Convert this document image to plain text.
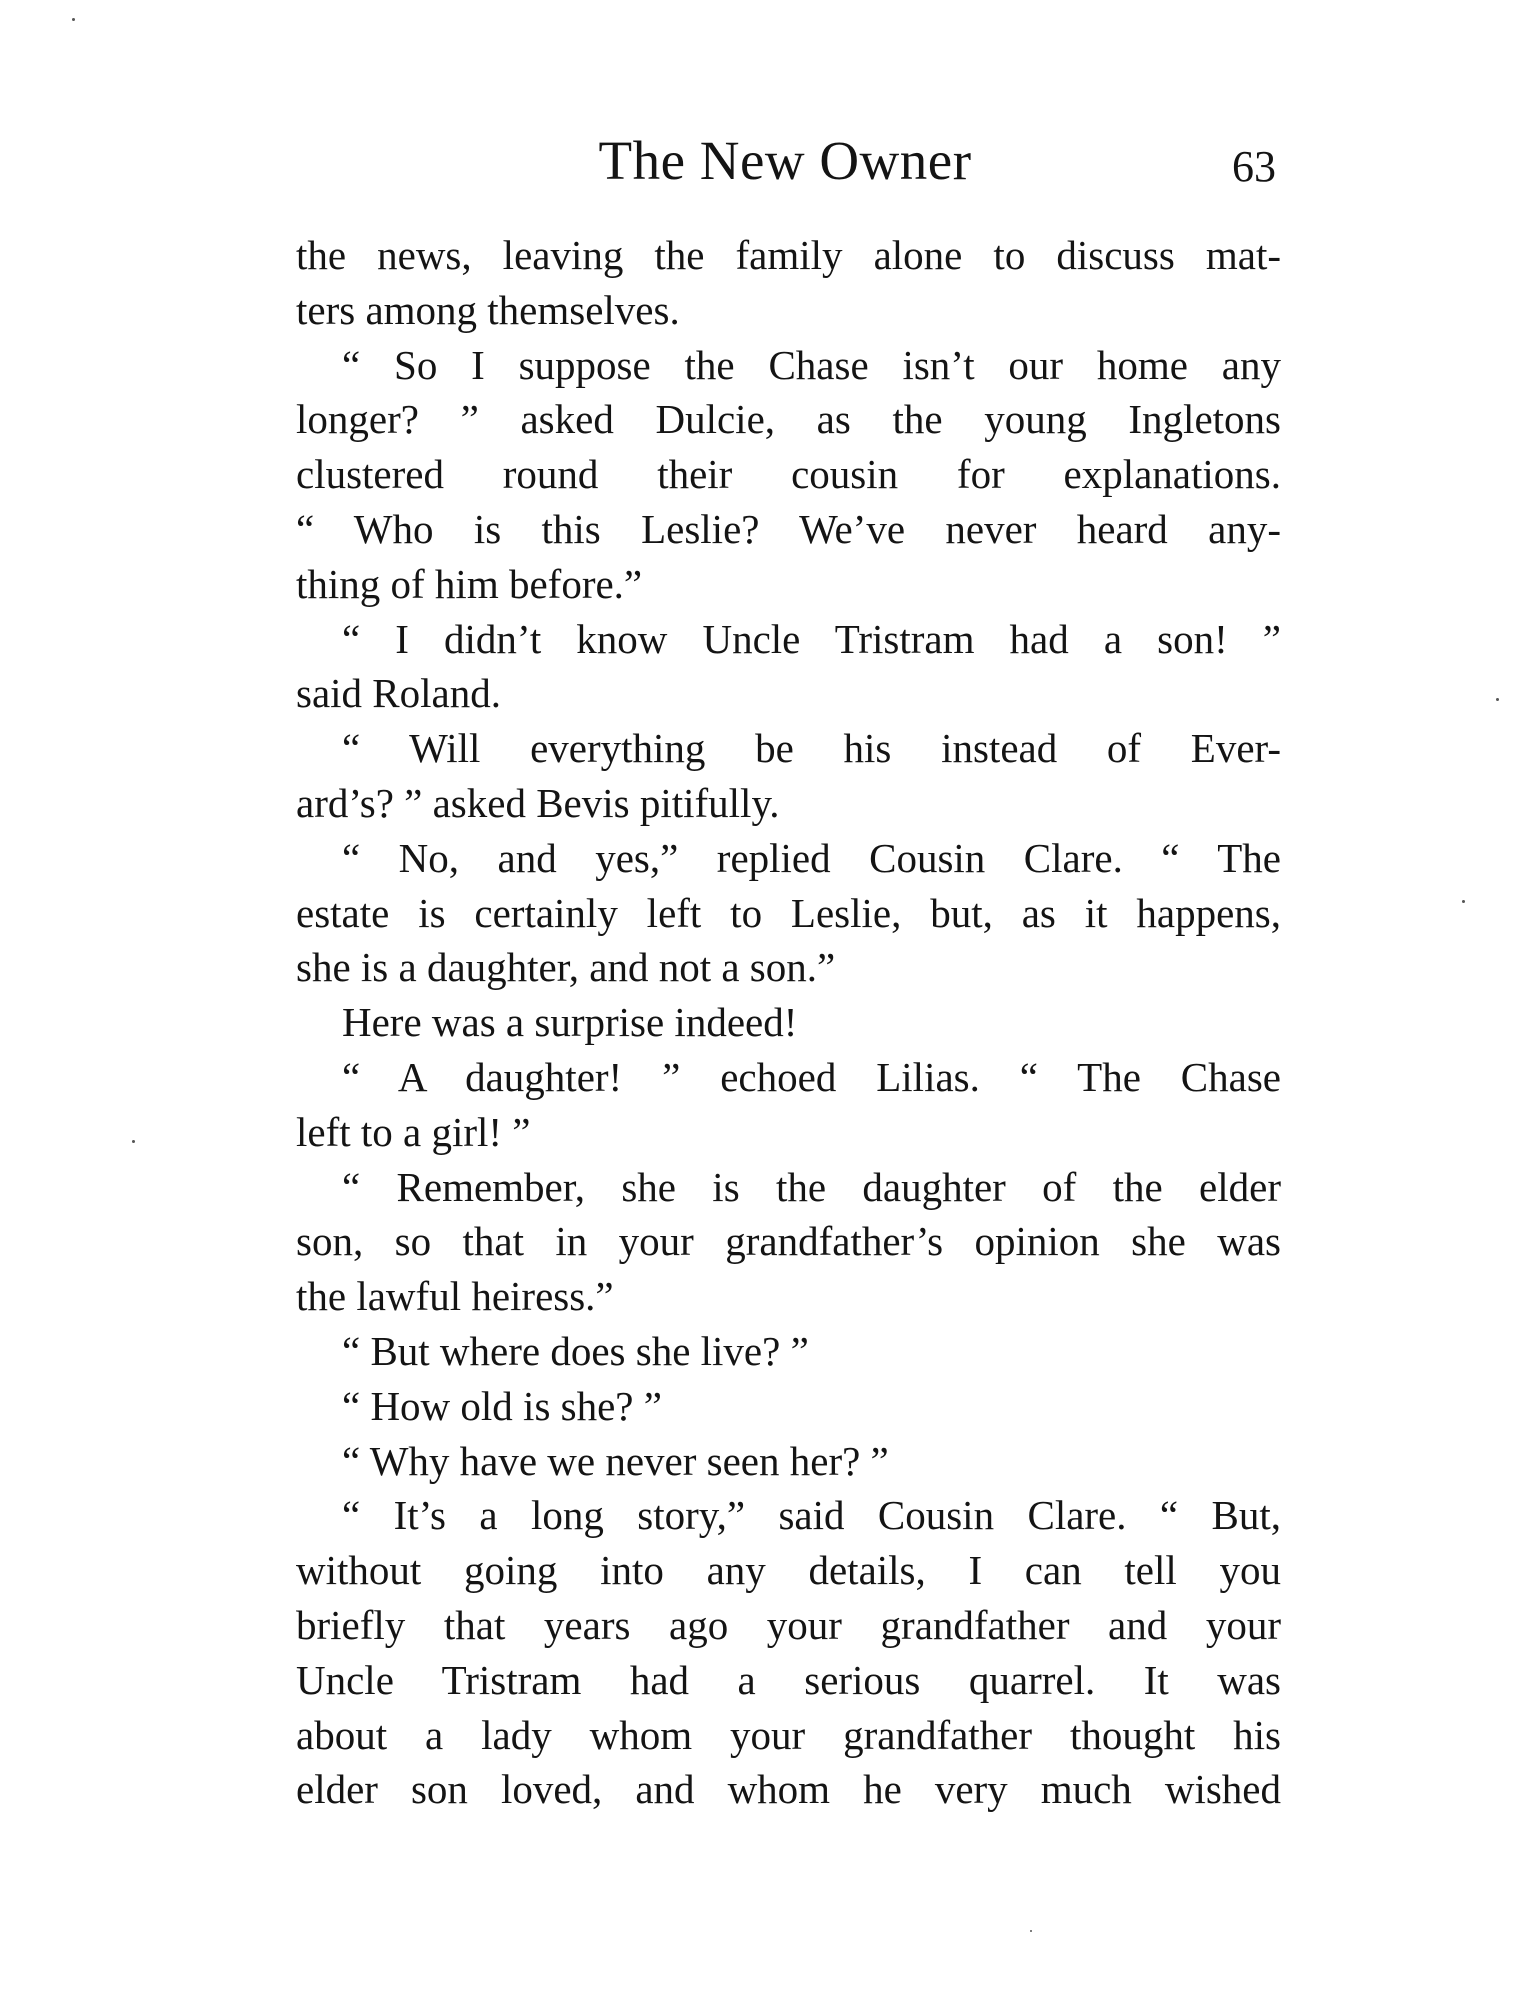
The New Owner	63
the news, leaving the family alone to discuss mat-
ters among themselves.
“ So I suppose the Chase isn’t our home any
longer? ” asked Dulcie, as the young Ingletons
clustered round their cousin for explanations.
“ Who is this Leslie? We’ve never heard any-
thing of him before.”
“ I didn’t know Uncle Tristram had a son! ”
said Roland.
“ Will everything be his instead of Ever-
ard’s? ” asked Bevis pitifully.
“ No, and yes,” replied Cousin Clare. “ The
estate is certainly left to Leslie, but, as it happens,
she is a daughter, and not a son.”
Here was a surprise indeed!
“ A daughter! ” echoed Lilias. “ The Chase
left to a girl! ”
“ Remember, she is the daughter of the elder
son, so that in your grandfather’s opinion she was
the lawful heiress.”
“ But where does she live? ”
“ How old is she? ”
“ Why have we never seen her? ”
“ It’s a long story,” said Cousin Clare. “ But,
without going into any details, I can tell you
briefly that years ago your grandfather and your
Uncle Tristram had a serious quarrel. It was
about a lady whom your grandfather thought his
elder son loved, and whom he very much wished
